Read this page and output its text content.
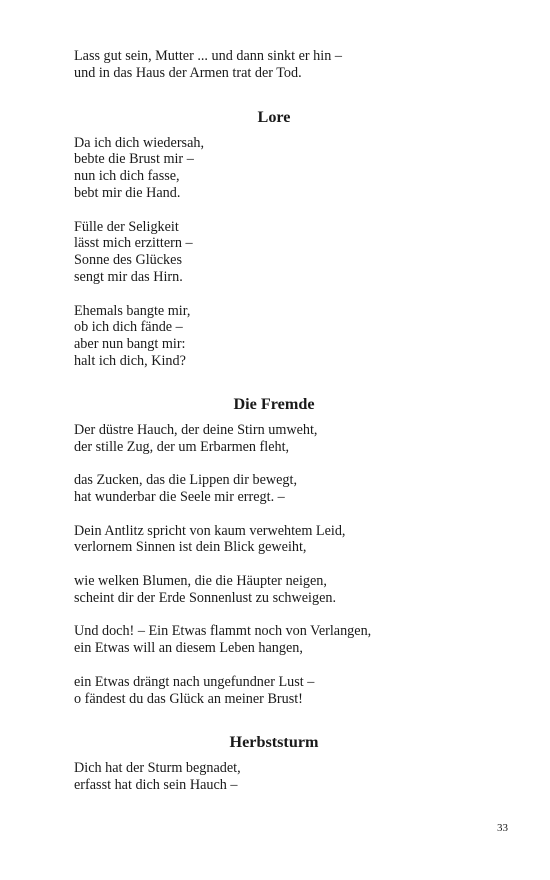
Lass gut sein, Mutter ... und dann sinkt er hin –
und in das Haus der Armen trat der Tod.
Lore
Da ich dich wiedersah,
bebte die Brust mir –
nun ich dich fasse,
bebt mir die Hand.
Fülle der Seligkeit
lässt mich erzittern –
Sonne des Glückes
sengt mir das Hirn.
Ehemals bangte mir,
ob ich dich fände –
aber nun bangt mir:
halt ich dich, Kind?
Die Fremde
Der düstre Hauch, der deine Stirn umweht,
der stille Zug, der um Erbarmen fleht,
das Zucken, das die Lippen dir bewegt,
hat wunderbar die Seele mir erregt. –
Dein Antlitz spricht von kaum verwehtem Leid,
verlornem Sinnen ist dein Blick geweiht,
wie welken Blumen, die die Häupter neigen,
scheint dir der Erde Sonnenlust zu schweigen.
Und doch! – Ein Etwas flammt noch von Verlangen,
ein Etwas will an diesem Leben hangen,
ein Etwas drängt nach ungefundner Lust –
o fändest du das Glück an meiner Brust!
Herbststurm
Dich hat der Sturm begnadet,
erfasst hat dich sein Hauch –
33
